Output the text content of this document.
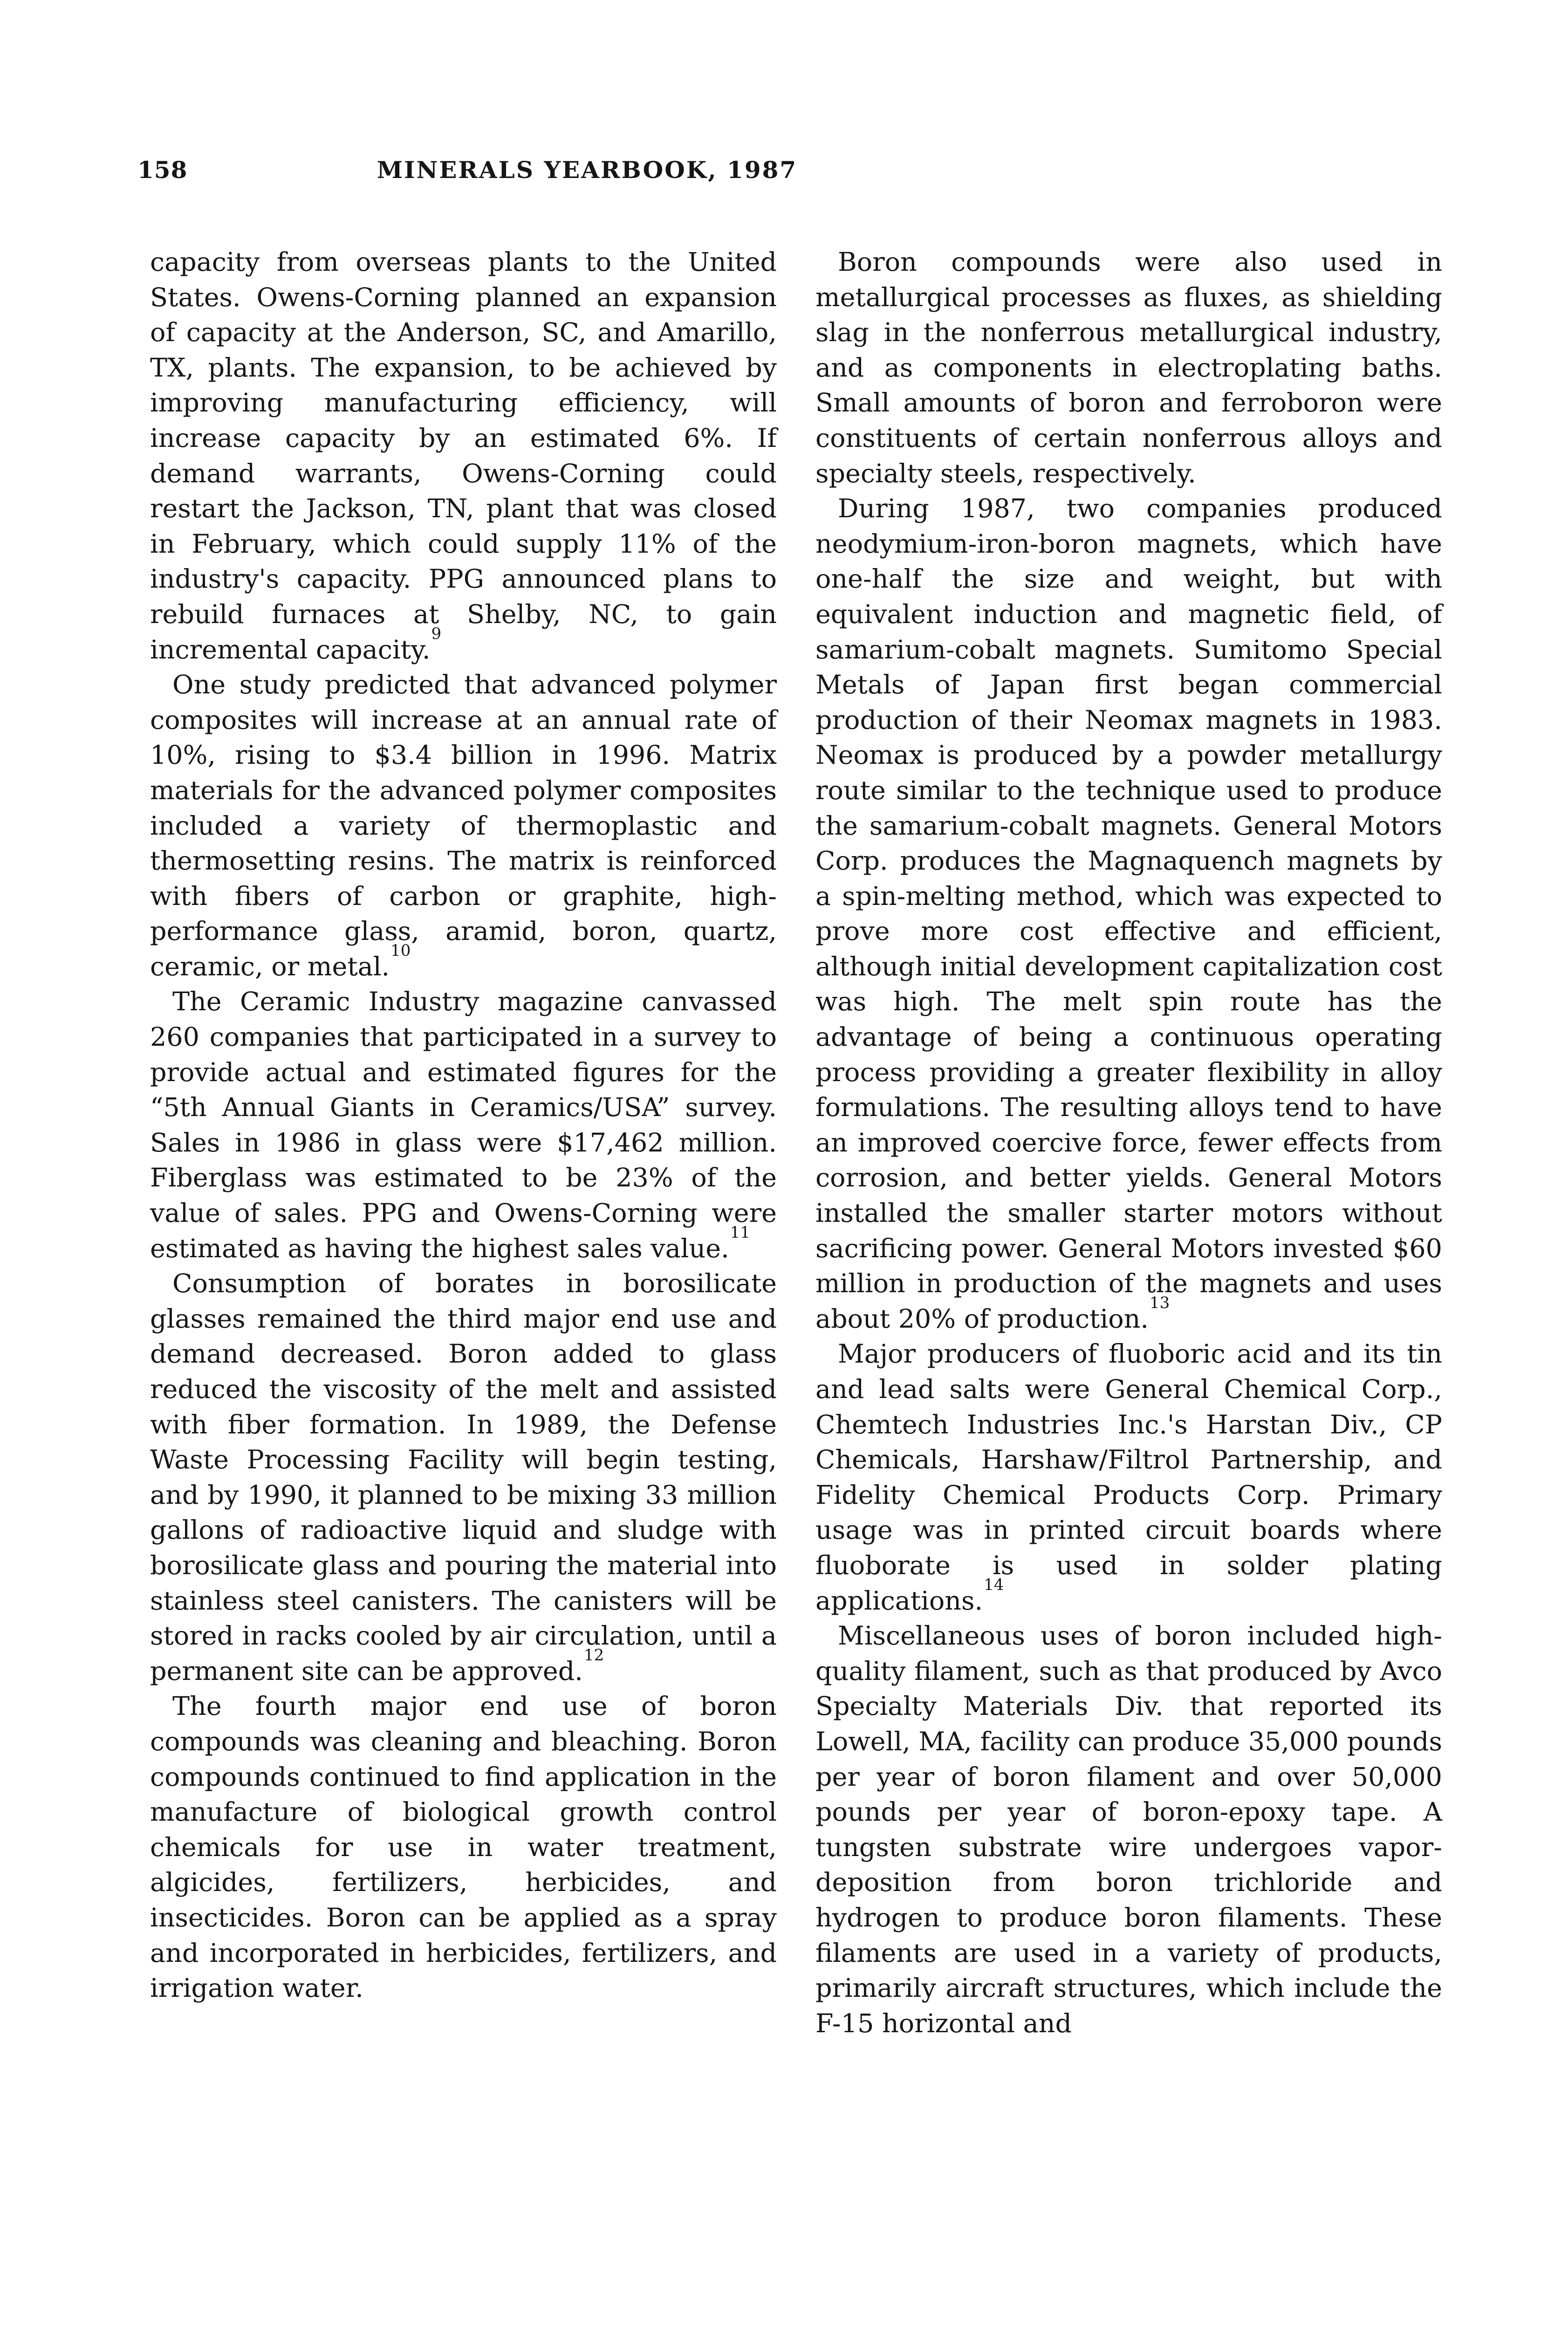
158	MINERALS YEARBOOK, 1987

capacity from overseas plants to the United States. Owens-Corning planned an expansion of capacity at the Anderson, SC, and Amarillo, TX, plants. The expansion, to be achieved by improving manufacturing efficiency, will increase capacity by an estimated 6%. If demand warrants, Owens-Corning could restart the Jackson, TN, plant that was closed in February, which could supply 11% of the industry's capacity. PPG announced plans to rebuild furnaces at Shelby, NC, to gain incremental capacity.$^9$

One study predicted that advanced polymer composites will increase at an annual rate of 10%, rising to $3.4 billion in 1996. Matrix materials for the advanced polymer composites included a variety of thermoplastic and thermosetting resins. The matrix is reinforced with fibers of carbon or graphite, high-performance glass, aramid, boron, quartz, ceramic, or metal.$^{10}$

The Ceramic Industry magazine canvassed 260 companies that participated in a survey to provide actual and estimated figures for the “5th Annual Giants in Ceramics/USA” survey. Sales in 1986 in glass were $17,462 million. Fiberglass was estimated to be 23% of the value of sales. PPG and Owens-Corning were estimated as having the highest sales value.$^{11}$

Consumption of borates in borosilicate glasses remained the third major end use and demand decreased. Boron added to glass reduced the viscosity of the melt and assisted with fiber formation. In 1989, the Defense Waste Processing Facility will begin testing, and by 1990, it planned to be mixing 33 million gallons of radioactive liquid and sludge with borosilicate glass and pouring the material into stainless steel canisters. The canisters will be stored in racks cooled by air circulation, until a permanent site can be approved.$^{12}$

The fourth major end use of boron compounds was cleaning and bleaching. Boron compounds continued to find application in the manufacture of biological growth control chemicals for use in water treatment, algicides, fertilizers, herbicides, and insecticides. Boron can be applied as a spray and incorporated in herbicides, fertilizers, and irrigation water.

Boron compounds were also used in metallurgical processes as fluxes, as shielding slag in the nonferrous metallurgical industry, and as components in electroplating baths. Small amounts of boron and ferroboron were constituents of certain nonferrous alloys and specialty steels, respectively.

During 1987, two companies produced neodymium-iron-boron magnets, which have one-half the size and weight, but with equivalent induction and magnetic field, of samarium-cobalt magnets. Sumitomo Special Metals of Japan first began commercial production of their Neomax magnets in 1983. Neomax is produced by a powder metallurgy route similar to the technique used to produce the samarium-cobalt magnets. General Motors Corp. produces the Magnaquench magnets by a spin-melting method, which was expected to prove more cost effective and efficient, although initial development capitalization cost was high. The melt spin route has the advantage of being a continuous operating process providing a greater flexibility in alloy formulations. The resulting alloys tend to have an improved coercive force, fewer effects from corrosion, and better yields. General Motors installed the smaller starter motors without sacrificing power. General Motors invested $60 million in production of the magnets and uses about 20% of production.$^{13}$

Major producers of fluoboric acid and its tin and lead salts were General Chemical Corp., Chemtech Industries Inc.'s Harstan Div., CP Chemicals, Harshaw/Filtrol Partnership, and Fidelity Chemical Products Corp. Primary usage was in printed circuit boards where fluoborate is used in solder plating applications.$^{14}$

Miscellaneous uses of boron included high-quality filament, such as that produced by Avco Specialty Materials Div. that reported its Lowell, MA, facility can produce 35,000 pounds per year of boron filament and over 50,000 pounds per year of boron-epoxy tape. A tungsten substrate wire undergoes vapor-deposition from boron trichloride and hydrogen to produce boron filaments. These filaments are used in a variety of products, primarily aircraft structures, which include the F-15 horizontal and
